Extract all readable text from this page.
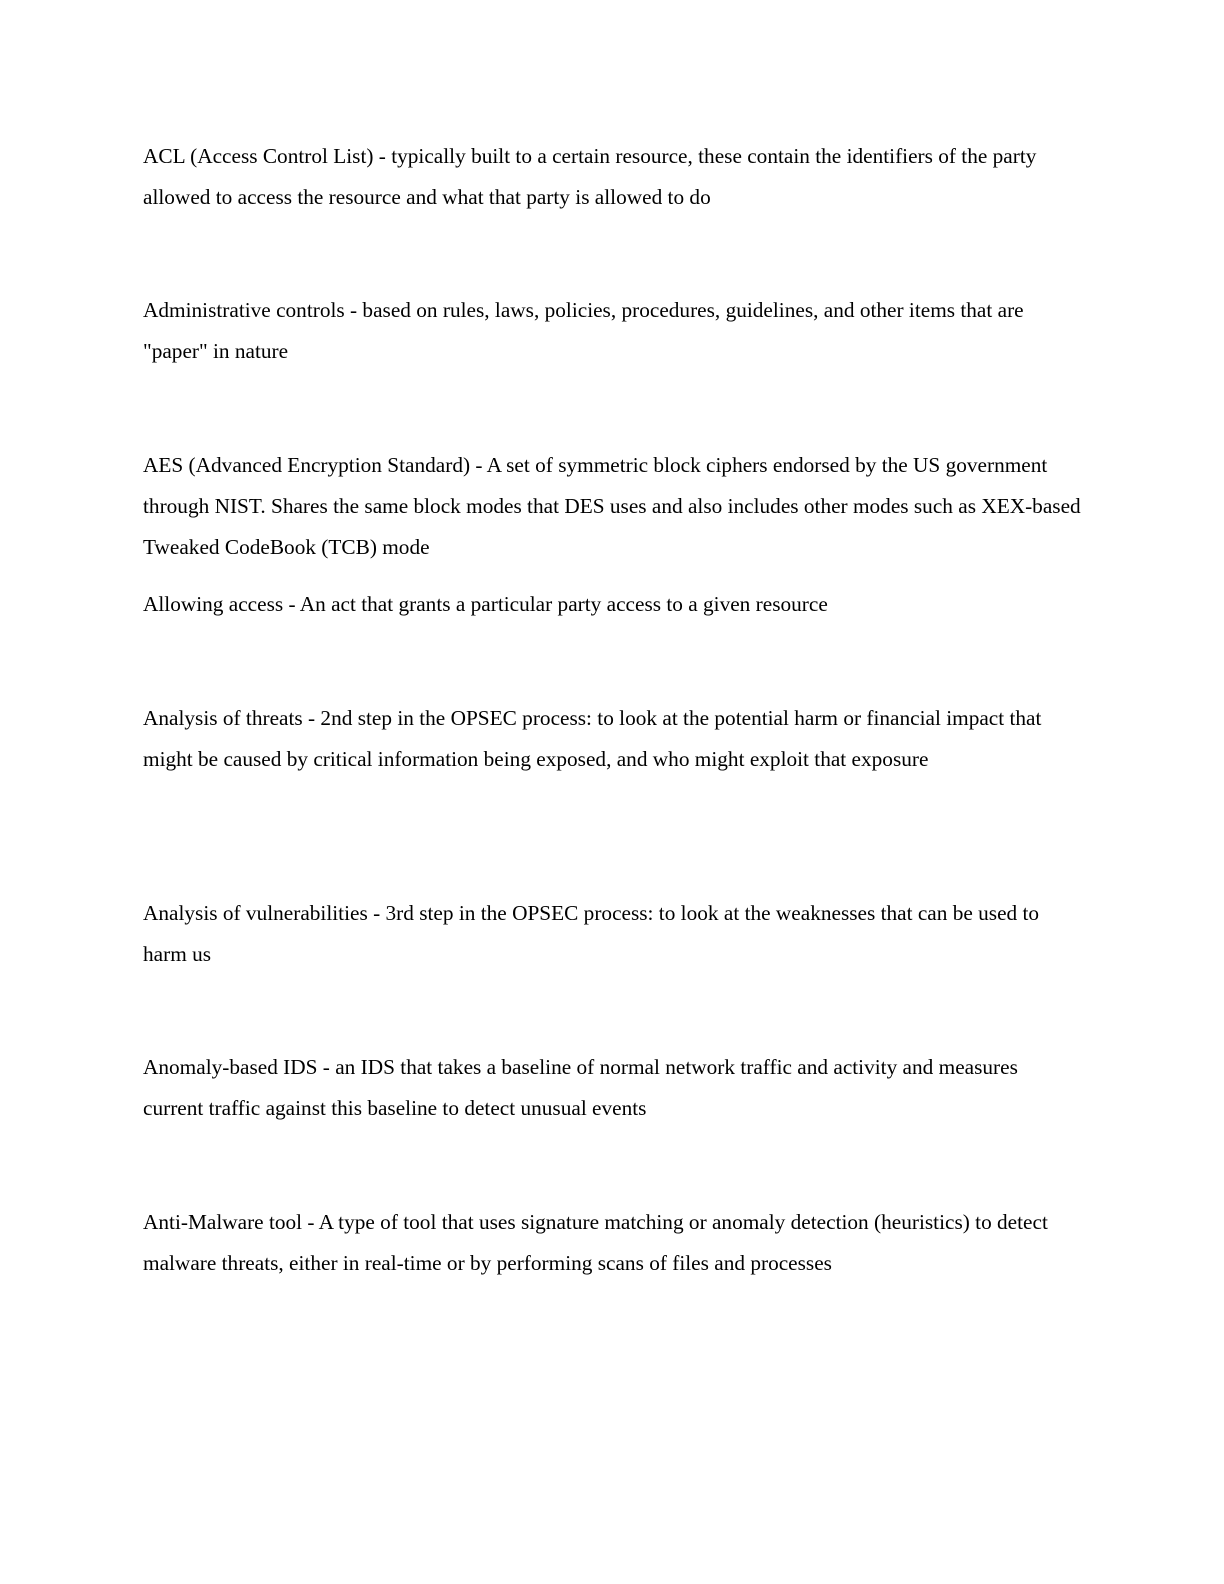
ACL (Access Control List) - typically built to a certain resource, these contain the identifiers of the party allowed to access the resource and what that party is allowed to do

Administrative controls - based on rules, laws, policies, procedures, guidelines, and other items that are "paper" in nature

AES (Advanced Encryption Standard) - A set of symmetric block ciphers endorsed by the US government through NIST. Shares the same block modes that DES uses and also includes other modes such as XEX-based Tweaked CodeBook (TCB) mode

Allowing access - An act that grants a particular party access to a given resource

Analysis of threats - 2nd step in the OPSEC process: to look at the potential harm or financial impact that might be caused by critical information being exposed, and who might exploit that exposure

Analysis of vulnerabilities - 3rd step in the OPSEC process: to look at the weaknesses that can be used to harm us

Anomaly-based IDS - an IDS that takes a baseline of normal network traffic and activity and measures current traffic against this baseline to detect unusual events

Anti-Malware tool - A type of tool that uses signature matching or anomaly detection (heuristics) to detect malware threats, either in real-time or by performing scans of files and processes
